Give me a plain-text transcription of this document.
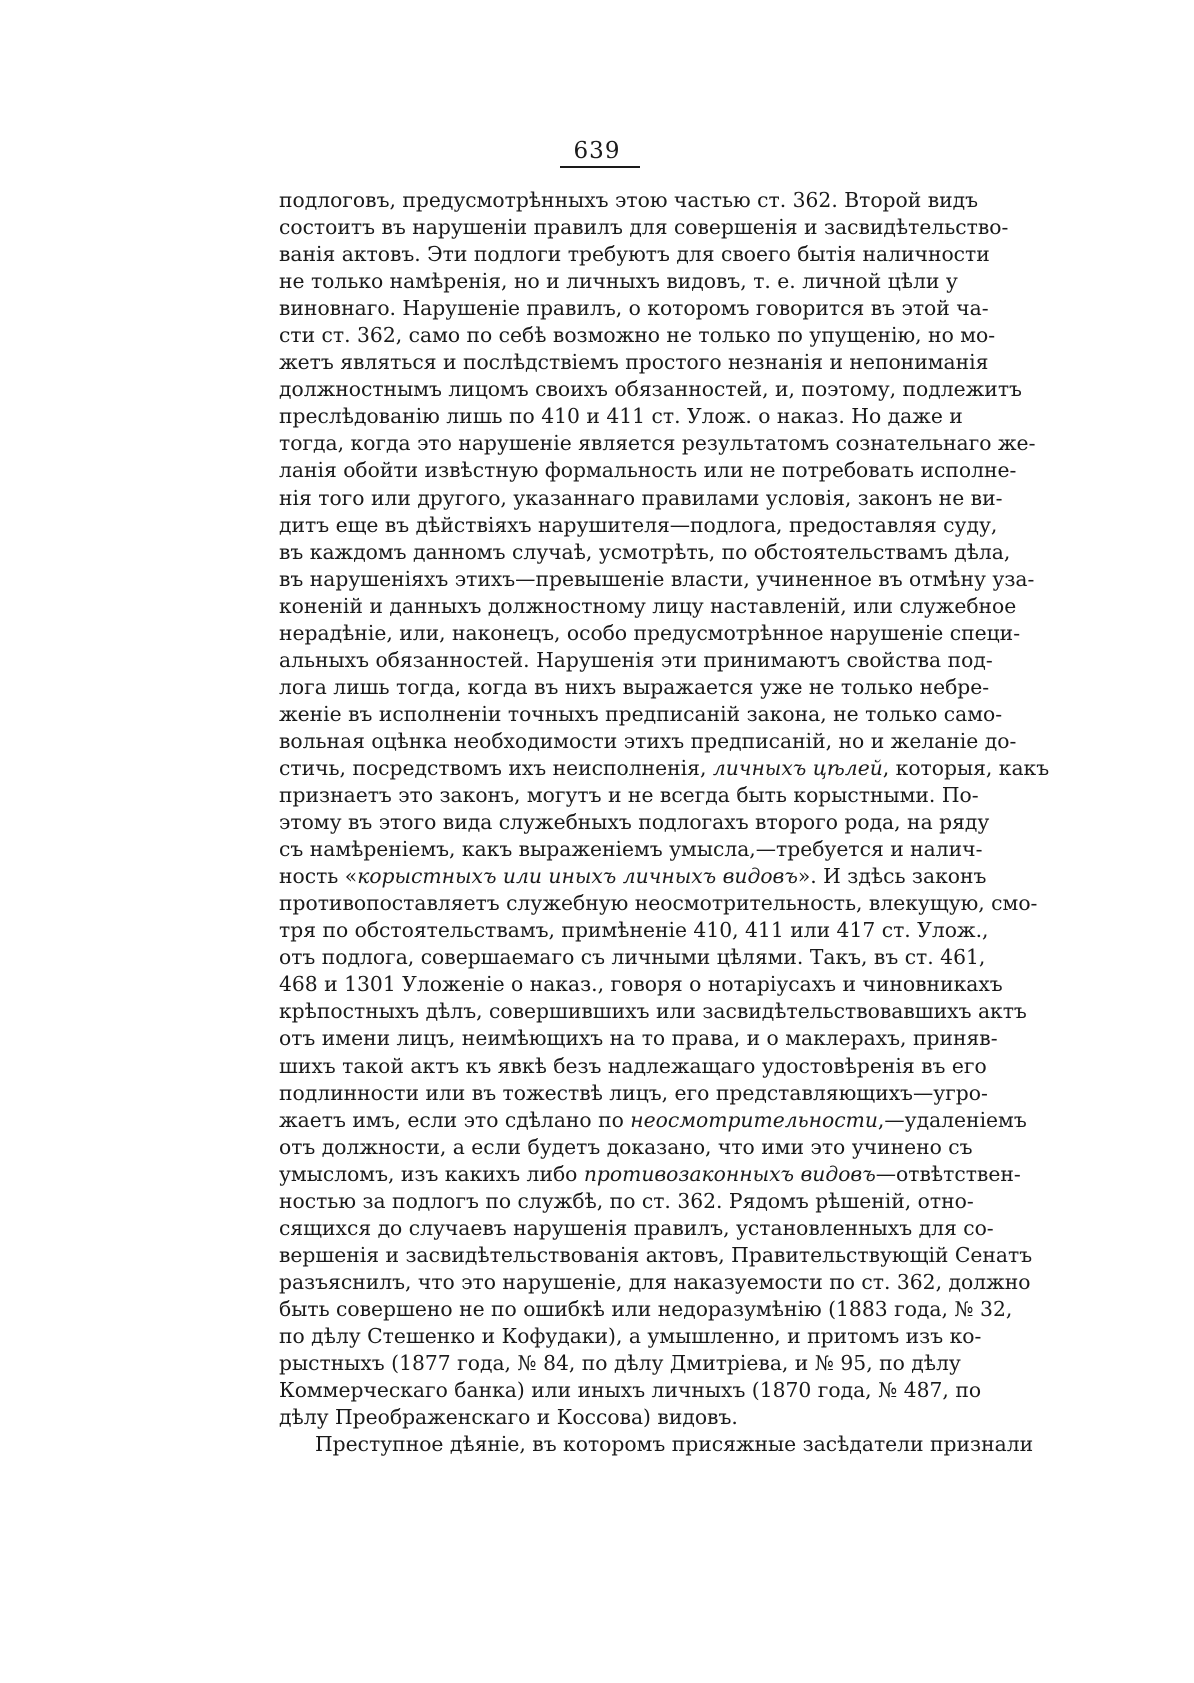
639
подлоговъ, предусмотрѣнныхъ этою частью ст. 362. Второй видъ
состоитъ въ нарушеніи правилъ для совершенія и засвидѣтельство-
ванія актовъ. Эти подлоги требуютъ для своего бытія наличности
не только намѣренія, но и личныхъ видовъ, т. е. личной цѣли у
виновнаго. Нарушеніе правилъ, о которомъ говорится въ этой ча-
сти ст. 362, само по себѣ возможно не только по упущенію, но мо-
жетъ являться и послѣдствіемъ простого незнанія и непониманія
должностнымъ лицомъ своихъ обязанностей, и, поэтому, подлежитъ
преслѣдованію лишь по 410 и 411 ст. Улож. о наказ. Но даже и
тогда, когда это нарушеніе является результатомъ сознательнаго же-
ланія обойти извѣстную формальность или не потребовать исполне-
нія того или другого, указаннаго правилами условія, законъ не ви-
дитъ еще въ дѣйствіяхъ нарушителя—подлога, предоставляя суду,
въ каждомъ данномъ случаѣ, усмотрѣть, по обстоятельствамъ дѣла,
въ нарушеніяхъ этихъ—превышеніе власти, учиненное въ отмѣну уза-
коненій и данныхъ должностному лицу наставленій, или служебное
нерадѣніе, или, наконецъ, особо предусмотрѣнное нарушеніе специ-
альныхъ обязанностей. Нарушенія эти принимаютъ свойства под-
лога лишь тогда, когда въ нихъ выражается уже не только небре-
женіе въ исполненіи точныхъ предписаній закона, не только само-
вольная оцѣнка необходимости этихъ предписаній, но и желаніе до-
стичь, посредствомъ ихъ неисполненія, личныхъ цѣлей, которыя, какъ
признаетъ это законъ, могутъ и не всегда быть корыстными. По-
этому въ этого вида служебныхъ подлогахъ второго рода, на ряду
съ намѣреніемъ, какъ выраженіемъ умысла,—требуется и налич-
ность «корыстныхъ или иныхъ личныхъ видовъ». И здѣсь законъ
противопоставляетъ служебную неосмотрительность, влекущую, смо-
тря по обстоятельствамъ, примѣненіе 410, 411 или 417 ст. Улож.,
отъ подлога, совершаемаго съ личными цѣлями. Такъ, въ ст. 461,
468 и 1301 Уложеніе о наказ., говоря о нотаріусахъ и чиновникахъ
крѣпостныхъ дѣлъ, совершившихъ или засвидѣтельствовавшихъ актъ
отъ имени лицъ, неимѣющихъ на то права, и о маклерахъ, приняв-
шихъ такой актъ къ явкѣ безъ надлежащаго удостовѣренія въ его
подлинности или въ тожествѣ лицъ, его представляющихъ—угро-
жаетъ имъ, если это сдѣлано по неосмотрительности,—удаленіемъ
отъ должности, а если будетъ доказано, что ими это учинено съ
умысломъ, изъ какихъ либо противозаконныхъ видовъ—отвѣтствен-
ностью за подлогъ по службѣ, по ст. 362. Рядомъ рѣшеній, отно-
сящихся до случаевъ нарушенія правилъ, установленныхъ для со-
вершенія и засвидѣтельствованія актовъ, Правительствующій Сенатъ
разъяснилъ, что это нарушеніе, для наказуемости по ст. 362, должно
быть совершено не по ошибкѣ или недоразумѣнію (1883 года, № 32,
по дѣлу Стешенко и Кофудаки), а умышленно, и притомъ изъ ко-
рыстныхъ (1877 года, № 84, по дѣлу Дмитріева, и № 95, по дѣлу
Коммерческаго банка) или иныхъ личныхъ (1870 года, № 487, по
дѣлу Преображенскаго и Коссова) видовъ.
Преступное дѣяніе, въ которомъ присяжные засѣдатели признали
